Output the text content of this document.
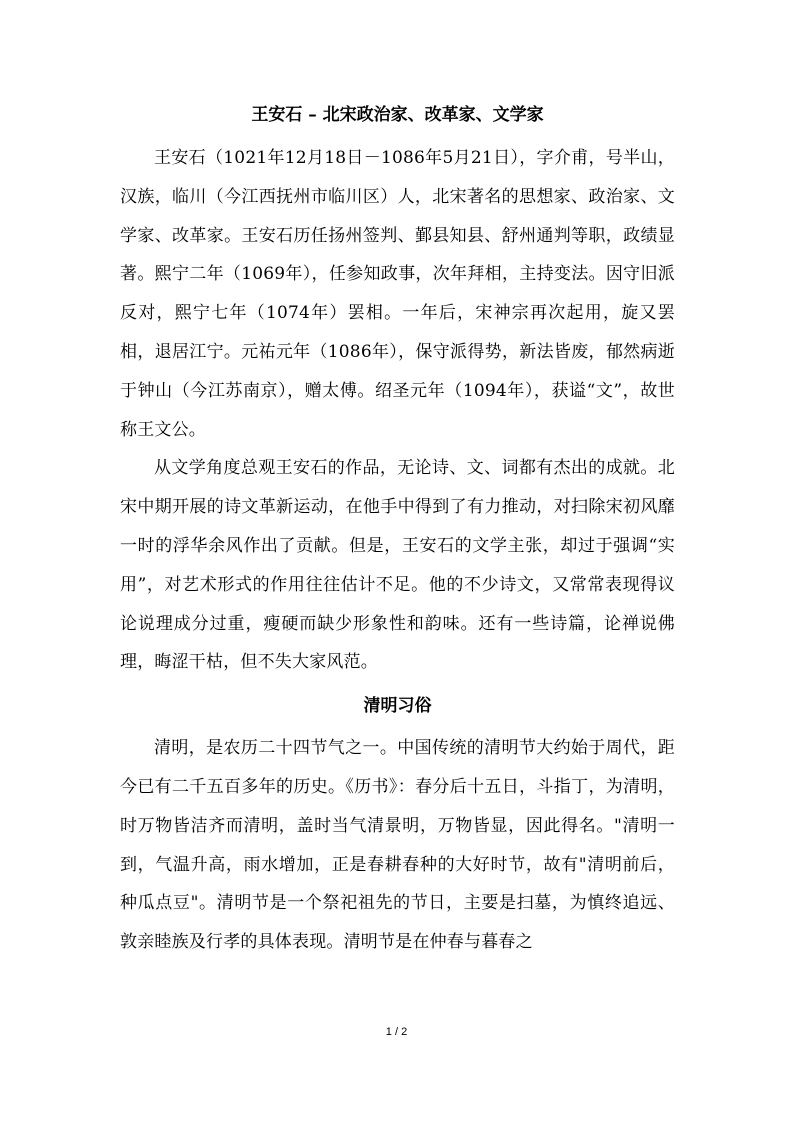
王安石 – 北宋政治家、改革家、文学家

王安石（1021年12月18日－1086年5月21日），字介甫，号半山，汉族，临川（今江西抚州市临川区）人，北宋著名的思想家、政治家、文学家、改革家。王安石历任扬州签判、鄞县知县、舒州通判等职，政绩显著。熙宁二年（1069年），任参知政事，次年拜相，主持变法。因守旧派反对，熙宁七年（1074年）罢相。一年后，宋神宗再次起用，旋又罢相，退居江宁。元祐元年（1086年），保守派得势，新法皆废，郁然病逝于钟山（今江苏南京），赠太傅。绍圣元年（1094年），获谥“文”，故世称王文公。

从文学角度总观王安石的作品，无论诗、文、词都有杰出的成就。北宋中期开展的诗文革新运动，在他手中得到了有力推动，对扫除宋初风靡一时的浮华余风作出了贡献。但是，王安石的文学主张，却过于强调“实用”，对艺术形式的作用往往估计不足。他的不少诗文，又常常表现得议论说理成分过重，瘦硬而缺少形象性和韵味。还有一些诗篇，论禅说佛理，晦涩干枯，但不失大家风范。

清明习俗

清明，是农历二十四节气之一。中国传统的清明节大约始于周代，距今已有二千五百多年的历史。《历书》：春分后十五日，斗指丁，为清明，时万物皆洁齐而清明，盖时当气清景明，万物皆显，因此得名。"清明一到，气温升高，雨水增加，正是春耕春种的大好时节，故有"清明前后，种瓜点豆"。清明节是一个祭祀祖先的节日，主要是扫墓，为慎终追远、敦亲睦族及行孝的具体表现。清明节是在仲春与暮春之

1 / 2
